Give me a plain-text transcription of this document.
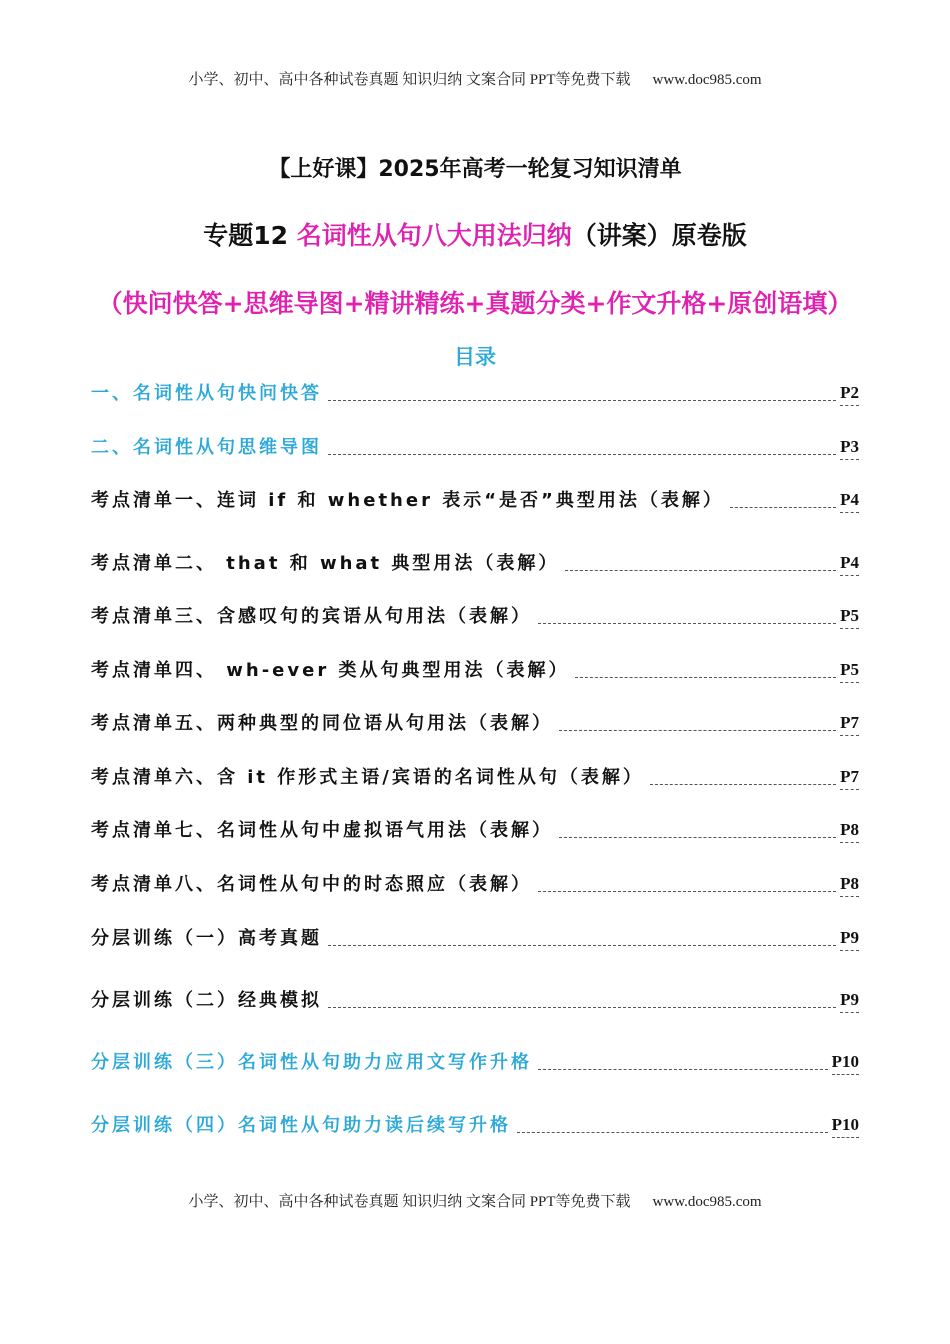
小学、初中、高中各种试卷真题 知识归纳 文案合同 PPT等免费下载 www.doc985.com
【上好课】2025年高考一轮复习知识清单
专题12 名词性从句八大用法归纳（讲案）原卷版
（快问快答+思维导图+精讲精练+真题分类+作文升格+原创语填）
目录
一、名词性从句快问快答	P2
二、名词性从句思维导图	P3
考点清单一、连词 if 和 whether 表示“是否”典型用法（表解）	P4
考点清单二、 that 和 what 典型用法（表解）	P4
考点清单三、含感叹句的宾语从句用法（表解）	P5
考点清单四、 wh-ever 类从句典型用法（表解）	P5
考点清单五、两种典型的同位语从句用法（表解）	P7
考点清单六、含 it 作形式主语/宾语的名词性从句（表解）	P7
考点清单七、名词性从句中虚拟语气用法（表解）	P8
考点清单八、名词性从句中的时态照应（表解）	P8
分层训练（一）高考真题	P9
分层训练（二）经典模拟	P9
分层训练（三）名词性从句助力应用文写作升格	P10
分层训练（四）名词性从句助力读后续写升格	P10
小学、初中、高中各种试卷真题 知识归纳 文案合同 PPT等免费下载 www.doc985.com
